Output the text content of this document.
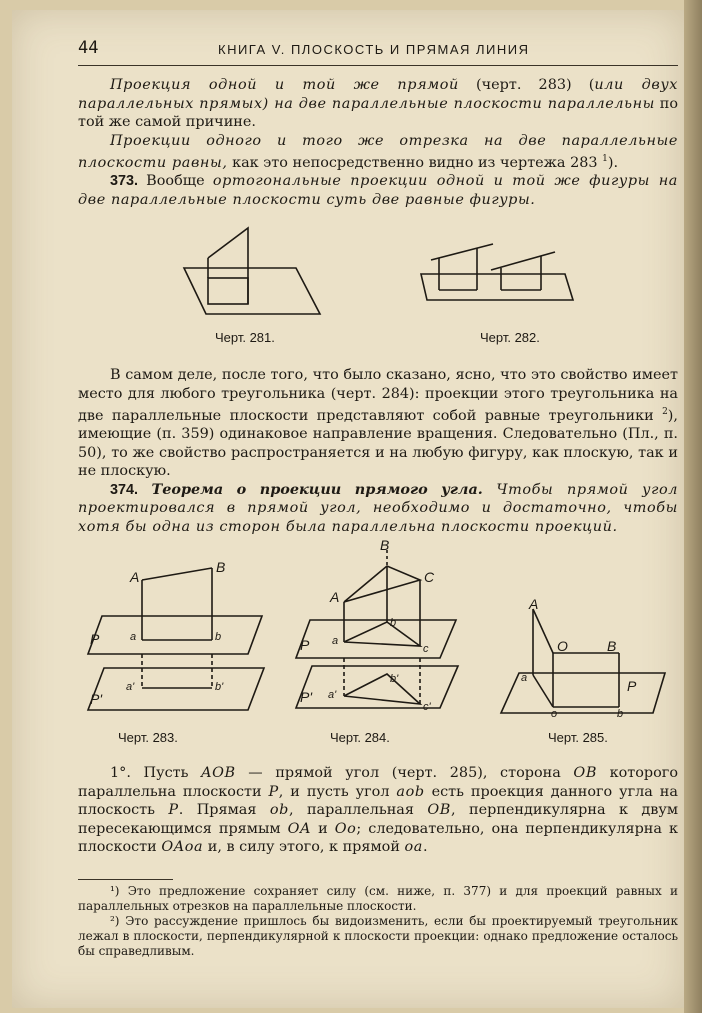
44	КНИГА V. ПЛОСКОСТЬ И ПРЯМАЯ ЛИНИЯ

Проекция одной и той же прямой (черт. 283) (или двух параллельных прямых) на две параллельные плоскости параллельны по той же самой причине.

Проекции одного и того же отрезка на две параллельные плоскости равны, как это непосредственно видно из чертежа 283 $^1$).

373. Вообще ортогональные проекции одной и той же фигуры на две параллельные плоскости суть две равные фигуры.

Черт. 281.	Черт. 282.

В самом деле, после того, что было сказано, ясно, что это свойство имеет место для любого треугольника (черт. 284): проекции этого треугольника на две параллельные плоскости представляют собой равные треугольники $^2$), имеющие (п. 359) одинаковое направление вращения. Следовательно (Пл., п. 50), то же свойство распространяется и на любую фигуру, как плоскую, так и не плоскую.

374. Теорема о проекции прямого угла. Чтобы прямой угол проектировался в прямой угол, необходимо и достаточно, чтобы хотя бы одна из сторон была параллельна плоскости проекций.

A
B
P	a	b
P'
a'	b'
Черт. 283.
B
A
C
P a
b
c
P' a'
b'
c'
Черт. 284.
A
O	B
P
a
o	b
Черт. 285.

1°. Пусть AOB — прямой угол (черт. 285), сторона OB которого параллельна плоскости P, и пусть угол aob есть проекция данного угла на плоскость P. Прямая ob, параллельная OB, перпендикулярна к двум пересекающимся прямым OA и Oo; следовательно, она перпендикулярна к плоскости OAoa и, в силу этого, к прямой oa.

¹) Это предложение сохраняет силу (см. ниже, п. 377) и для проекций равных и параллельных отрезков на параллельные плоскости.

²) Это рассуждение пришлось бы видоизменить, если бы проектируемый треугольник лежал в плоскости, перпендикулярной к плоскости проекции: однако предложение осталось бы справедливым.
